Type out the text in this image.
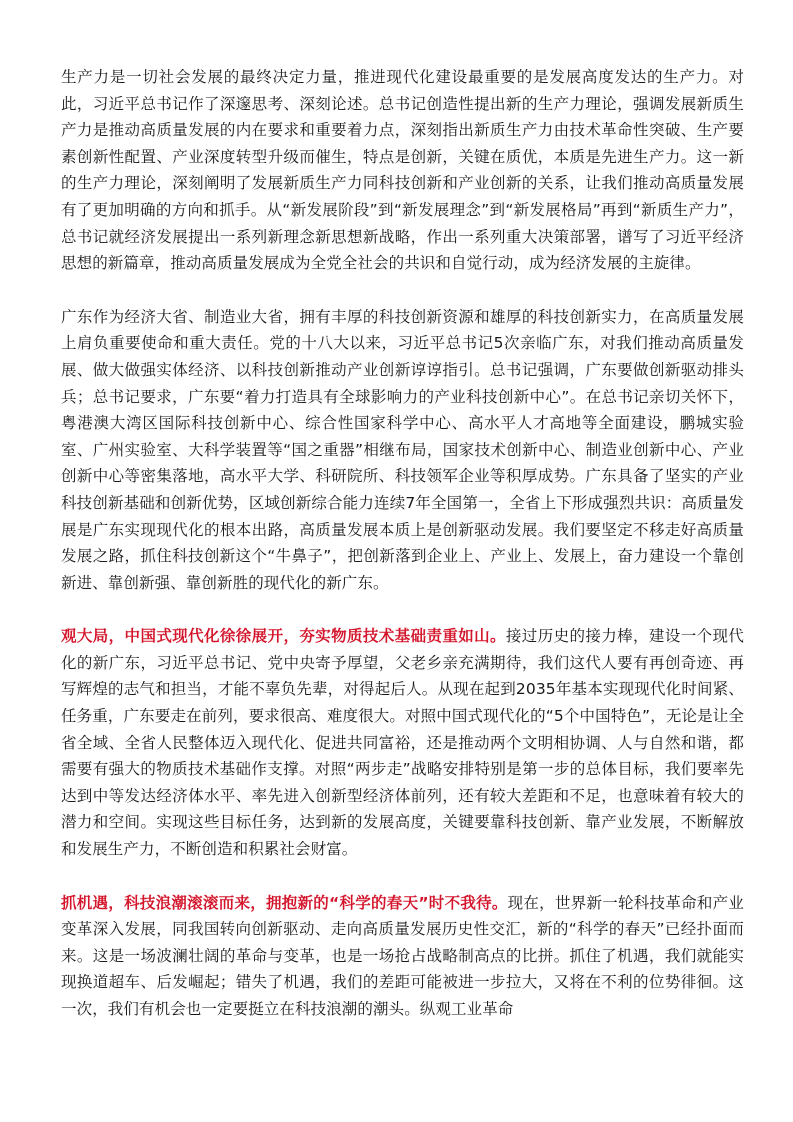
生产力是一切社会发展的最终决定力量，推进现代化建设最重要的是发展高度发达的生产力。对此，习近平总书记作了深邃思考、深刻论述。总书记创造性提出新的生产力理论，强调发展新质生产力是推动高质量发展的内在要求和重要着力点，深刻指出新质生产力由技术革命性突破、生产要素创新性配置、产业深度转型升级而催生，特点是创新，关键在质优，本质是先进生产力。这一新的生产力理论，深刻阐明了发展新质生产力同科技创新和产业创新的关系，让我们推动高质量发展有了更加明确的方向和抓手。从“新发展阶段”到“新发展理念”到“新发展格局”再到“新质生产力”，总书记就经济发展提出一系列新理念新思想新战略，作出一系列重大决策部署，谱写了习近平经济思想的新篇章，推动高质量发展成为全党全社会的共识和自觉行动，成为经济发展的主旋律。

广东作为经济大省、制造业大省，拥有丰厚的科技创新资源和雄厚的科技创新实力，在高质量发展上肩负重要使命和重大责任。党的十八大以来，习近平总书记5次亲临广东，对我们推动高质量发展、做大做强实体经济、以科技创新推动产业创新谆谆指引。总书记强调，广东要做创新驱动排头兵；总书记要求，广东要“着力打造具有全球影响力的产业科技创新中心”。在总书记亲切关怀下，粤港澳大湾区国际科技创新中心、综合性国家科学中心、高水平人才高地等全面建设，鹏城实验室、广州实验室、大科学装置等“国之重器”相继布局，国家技术创新中心、制造业创新中心、产业创新中心等密集落地，高水平大学、科研院所、科技领军企业等积厚成势。广东具备了坚实的产业科技创新基础和创新优势，区域创新综合能力连续7年全国第一，全省上下形成强烈共识：高质量发展是广东实现现代化的根本出路，高质量发展本质上是创新驱动发展。我们要坚定不移走好高质量发展之路，抓住科技创新这个“牛鼻子”，把创新落到企业上、产业上、发展上，奋力建设一个靠创新进、靠创新强、靠创新胜的现代化的新广东。

观大局，中国式现代化徐徐展开，夯实物质技术基础责重如山。接过历史的接力棒，建设一个现代化的新广东，习近平总书记、党中央寄予厚望，父老乡亲充满期待，我们这代人要有再创奇迹、再写辉煌的志气和担当，才能不辜负先辈，对得起后人。从现在起到2035年基本实现现代化时间紧、任务重，广东要走在前列，要求很高、难度很大。对照中国式现代化的“5个中国特色”，无论是让全省全域、全省人民整体迈入现代化、促进共同富裕，还是推动两个文明相协调、人与自然和谐，都需要有强大的物质技术基础作支撑。对照“两步走”战略安排特别是第一步的总体目标，我们要率先达到中等发达经济体水平、率先进入创新型经济体前列，还有较大差距和不足，也意味着有较大的潜力和空间。实现这些目标任务，达到新的发展高度，关键要靠科技创新、靠产业发展，不断解放和发展生产力，不断创造和积累社会财富。

抓机遇，科技浪潮滚滚而来，拥抱新的“科学的春天”时不我待。现在，世界新一轮科技革命和产业变革深入发展，同我国转向创新驱动、走向高质量发展历史性交汇，新的“科学的春天”已经扑面而来。这是一场波澜壮阔的革命与变革，也是一场抢占战略制高点的比拼。抓住了机遇，我们就能实现换道超车、后发崛起；错失了机遇，我们的差距可能被进一步拉大，又将在不利的位势徘徊。这一次，我们有机会也一定要挺立在科技浪潮的潮头。纵观工业革命
